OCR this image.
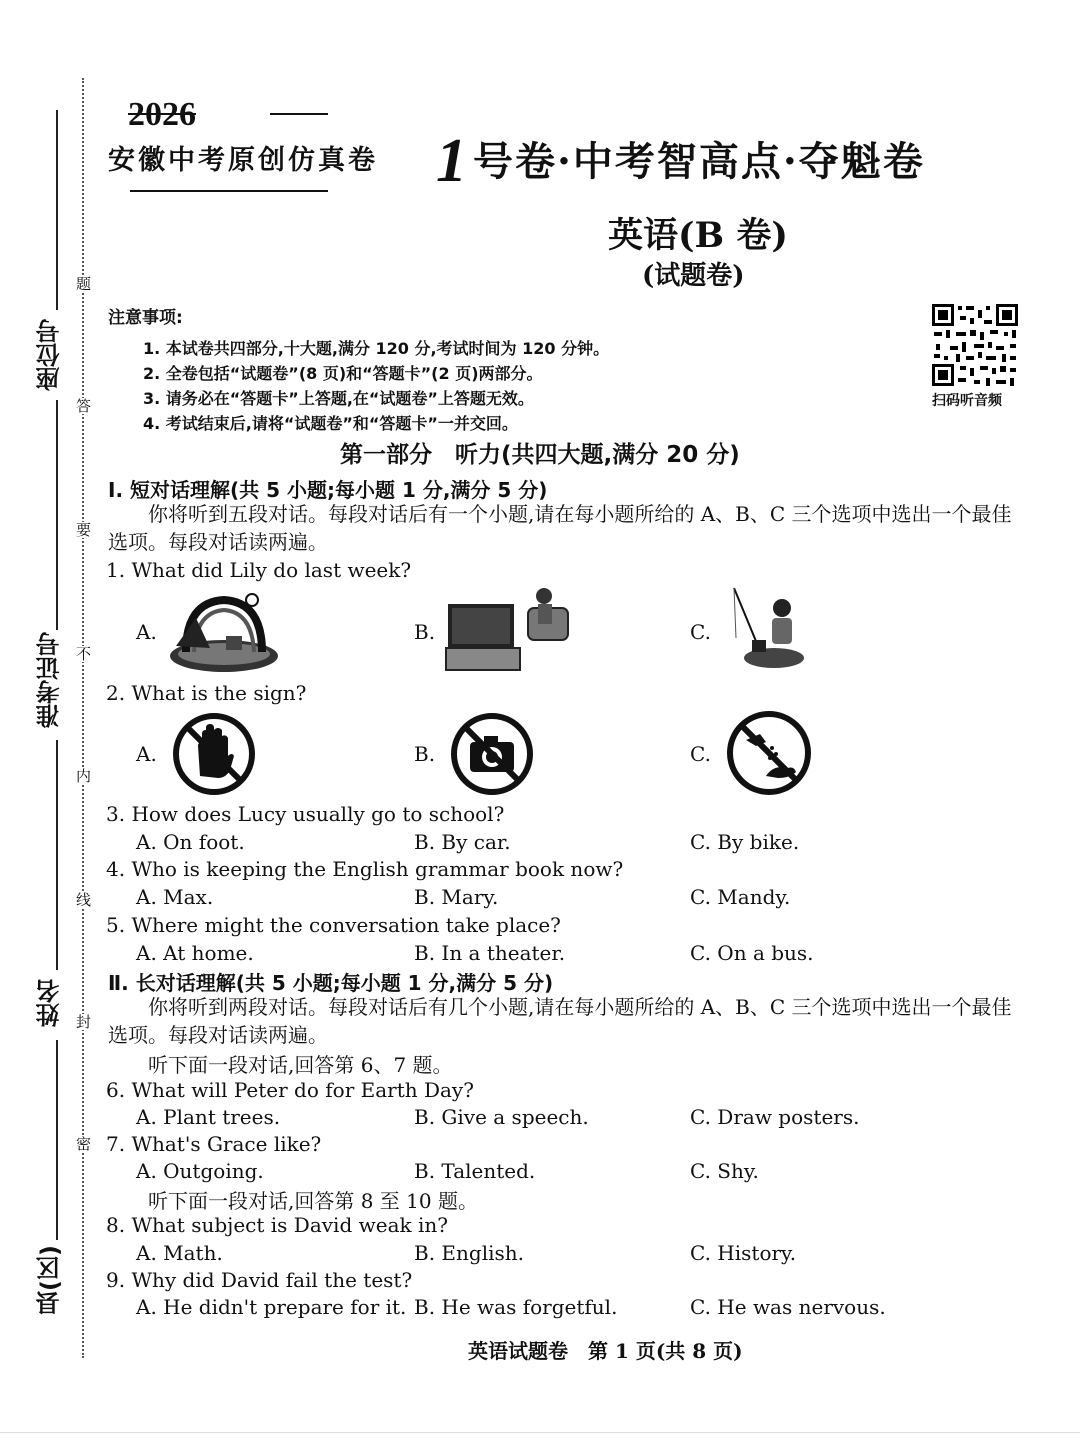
题
答
要
不
内
线
封
密
座位号
准考证号
姓名
县(区)
2026
安徽中考原创仿真卷 1 号卷·中考智高点·夺魁卷
英语(B 卷)
(试题卷)
扫码听音频
注意事项:
1. 本试卷共四部分,十大题,满分 120 分,考试时间为 120 分钟。
2. 全卷包括“试题卷”(8 页)和“答题卡”(2 页)两部分。
3. 请务必在“答题卡”上答题,在“试题卷”上答题无效。
4. 考试结束后,请将“试题卷”和“答题卡”一并交回。
第一部分　听力(共四大题,满分 20 分)
Ⅰ. 短对话理解(共 5 小题;每小题 1 分,满分 5 分)
你将听到五段对话。每段对话后有一个小题,请在每小题所给的 A、B、C 三个选项中选出一个最佳选项。每段对话读两遍。
1. What did Lily do last week?
A.	B.	C.
2. What is the sign?
A.	B.	C.
3. How does Lucy usually go to school?
A. On foot.	B. By car.	C. By bike.
4. Who is keeping the English grammar book now?
A. Max.	B. Mary.	C. Mandy.
5. Where might the conversation take place?
A. At home.	B. In a theater.	C. On a bus.
Ⅱ. 长对话理解(共 5 小题;每小题 1 分,满分 5 分)
你将听到两段对话。每段对话后有几个小题,请在每小题所给的 A、B、C 三个选项中选出一个最佳选项。每段对话读两遍。
听下面一段对话,回答第 6、7 题。
6. What will Peter do for Earth Day?
A. Plant trees.	B. Give a speech.	C. Draw posters.
7. What's Grace like?
A. Outgoing.	B. Talented.	C. Shy.
听下面一段对话,回答第 8 至 10 题。
8. What subject is David weak in?
A. Math.	B. English.	C. History.
9. Why did David fail the test?
A. He didn't prepare for it. B. He was forgetful.	C. He was nervous.
英语试题卷　第 1 页(共 8 页)
